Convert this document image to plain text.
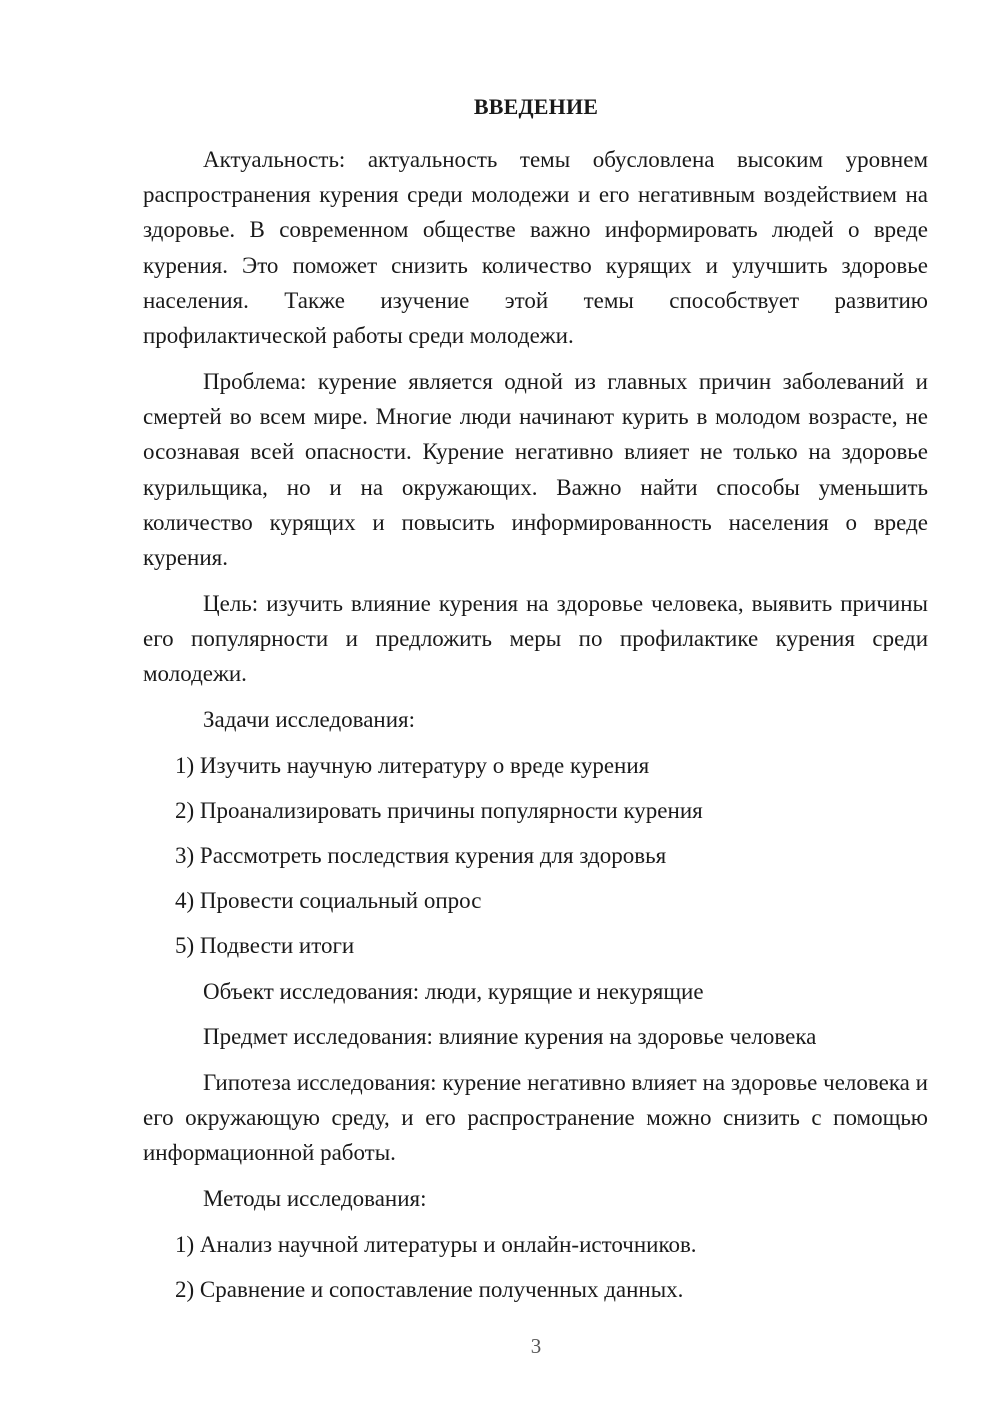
ВВЕДЕНИЕ

Актуальность: актуальность темы обусловлена высоким уровнем распространения курения среди молодежи и его негативным воздействием на здоровье. В современном обществе важно информировать людей о вреде курения. Это поможет снизить количество курящих и улучшить здоровье населения. Также изучение этой темы способствует развитию профилактической работы среди молодежи.

Проблема: курение является одной из главных причин заболеваний и смертей во всем мире. Многие люди начинают курить в молодом возрасте, не осознавая всей опасности. Курение негативно влияет не только на здоровье курильщика, но и на окружающих. Важно найти способы уменьшить количество курящих и повысить информированность населения о вреде курения.

Цель: изучить влияние курения на здоровье человека, выявить причины его популярности и предложить меры по профилактике курения среди молодежи.

Задачи исследования:

1) Изучить научную литературу о вреде курения

2) Проанализировать причины популярности курения

3) Рассмотреть последствия курения для здоровья

4) Провести социальный опрос

5) Подвести итоги

Объект исследования: люди, курящие и некурящие

Предмет исследования: влияние курения на здоровье человека

Гипотеза исследования: курение негативно влияет на здоровье человека и его окружающую среду, и его распространение можно снизить с помощью информационной работы.

Методы исследования:

1) Анализ научной литературы и онлайн-источников.

2) Сравнение и сопоставление полученных данных.

3
